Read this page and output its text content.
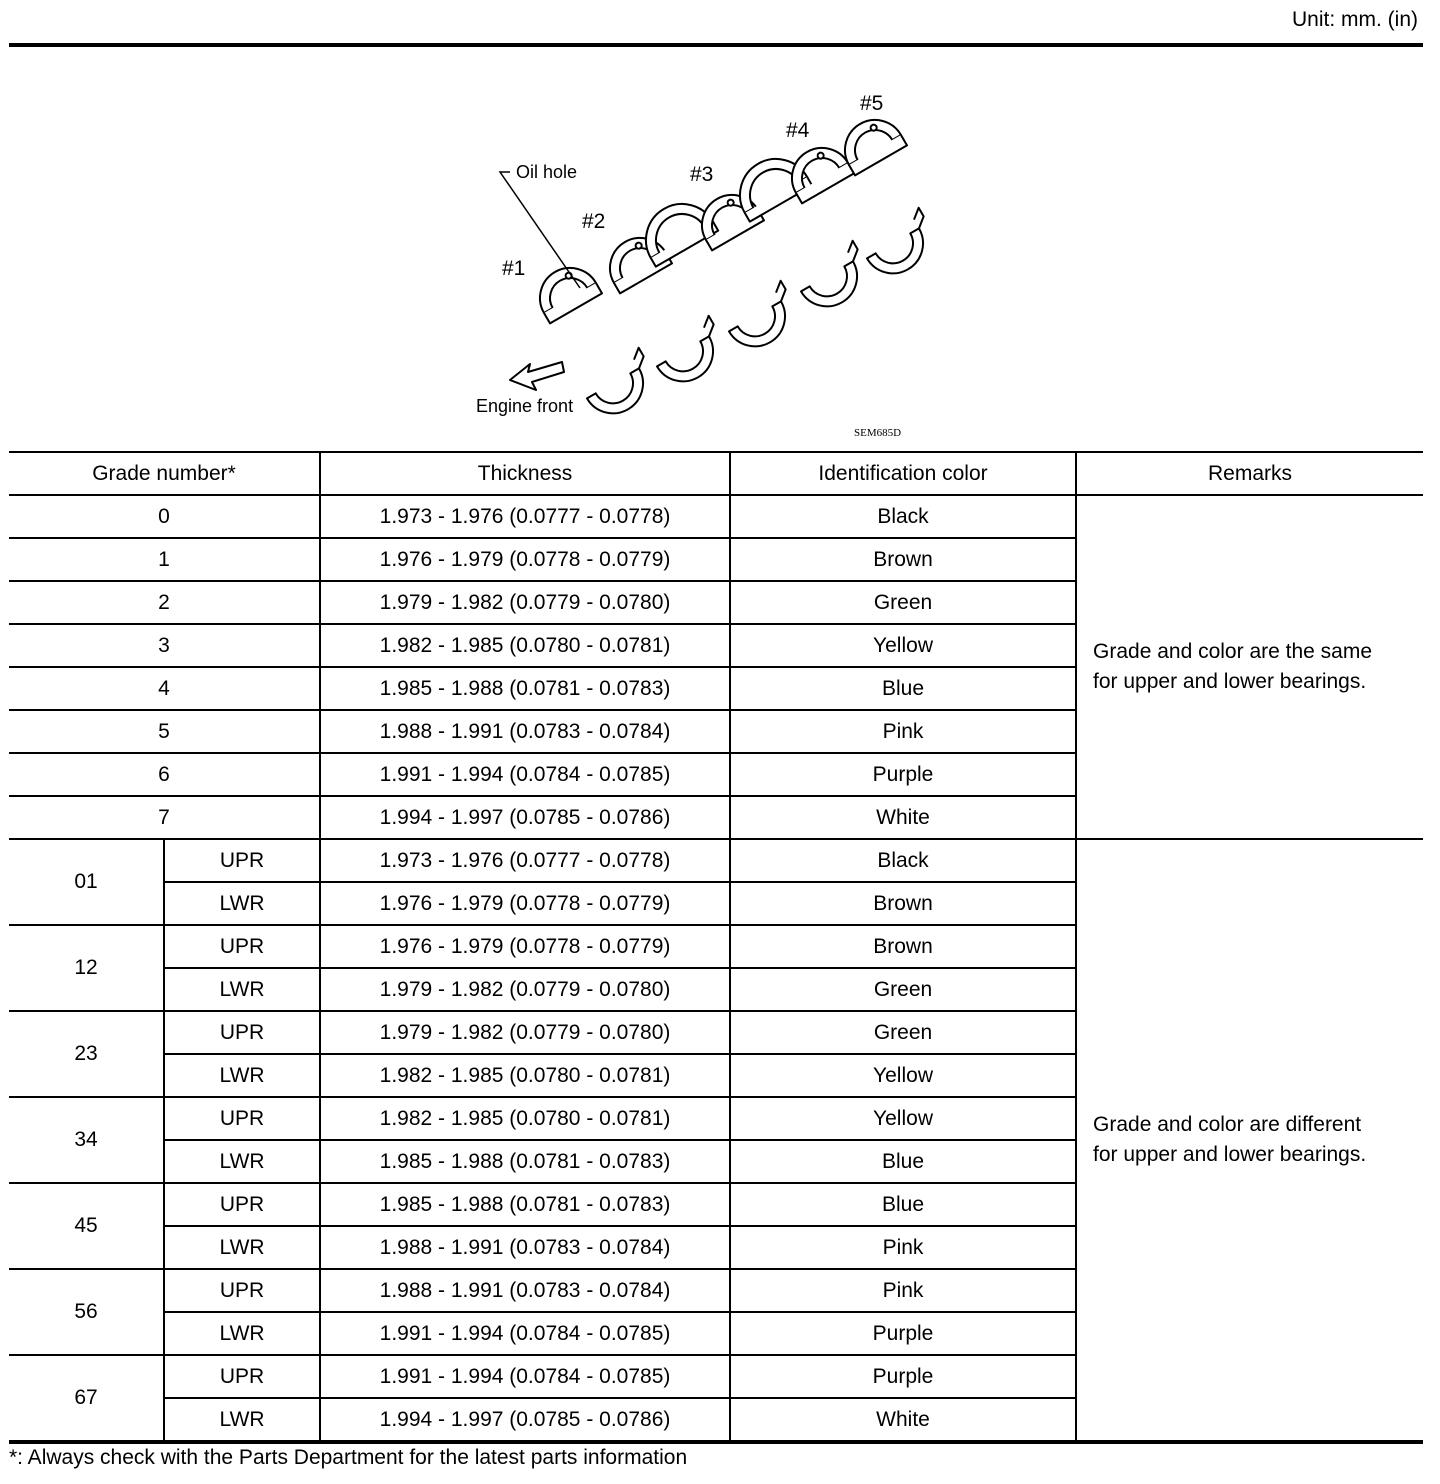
Unit: mm. (in)
#1
#2
#3
#4
#5
Oil hole
Engine front
SEM685D
Grade number*		Thickness	Identification color	Remarks
0		1.973 - 1.976 (0.0777 - 0.0778)	Black	Grade and color are the same
for upper and lower bearings.

1		1.976 - 1.979 (0.0778 - 0.0779)	Brown	
2		1.979 - 1.982 (0.0779 - 0.0780)	Green	
3		1.982 - 1.985 (0.0780 - 0.0781)	Yellow	
4		1.985 - 1.988 (0.0781 - 0.0783)	Blue	
5		1.988 - 1.991 (0.0783 - 0.0784)	Pink	
6		1.991 - 1.994 (0.0784 - 0.0785)	Purple	
7		1.994 - 1.997 (0.0785 - 0.0786)	White	
01	UPR	1.973 - 1.976 (0.0777 - 0.0778)	Black	Grade and color are different
for upper and lower bearings.

	LWR	1.976 - 1.979 (0.0778 - 0.0779)	Brown	
12	UPR	1.976 - 1.979 (0.0778 - 0.0779)	Brown	
	LWR	1.979 - 1.982 (0.0779 - 0.0780)	Green	
23	UPR	1.979 - 1.982 (0.0779 - 0.0780)	Green	
	LWR	1.982 - 1.985 (0.0780 - 0.0781)	Yellow	
34	UPR	1.982 - 1.985 (0.0780 - 0.0781)	Yellow	
	LWR	1.985 - 1.988 (0.0781 - 0.0783)	Blue	
45	UPR	1.985 - 1.988 (0.0781 - 0.0783)	Blue	
	LWR	1.988 - 1.991 (0.0783 - 0.0784)	Pink	
56	UPR	1.988 - 1.991 (0.0783 - 0.0784)	Pink	
	LWR	1.991 - 1.994 (0.0784 - 0.0785)	Purple	
67	UPR	1.991 - 1.994 (0.0784 - 0.0785)	Purple	
	LWR	1.994 - 1.997 (0.0785 - 0.0786)	White	
*: Always check with the Parts Department for the latest parts information
